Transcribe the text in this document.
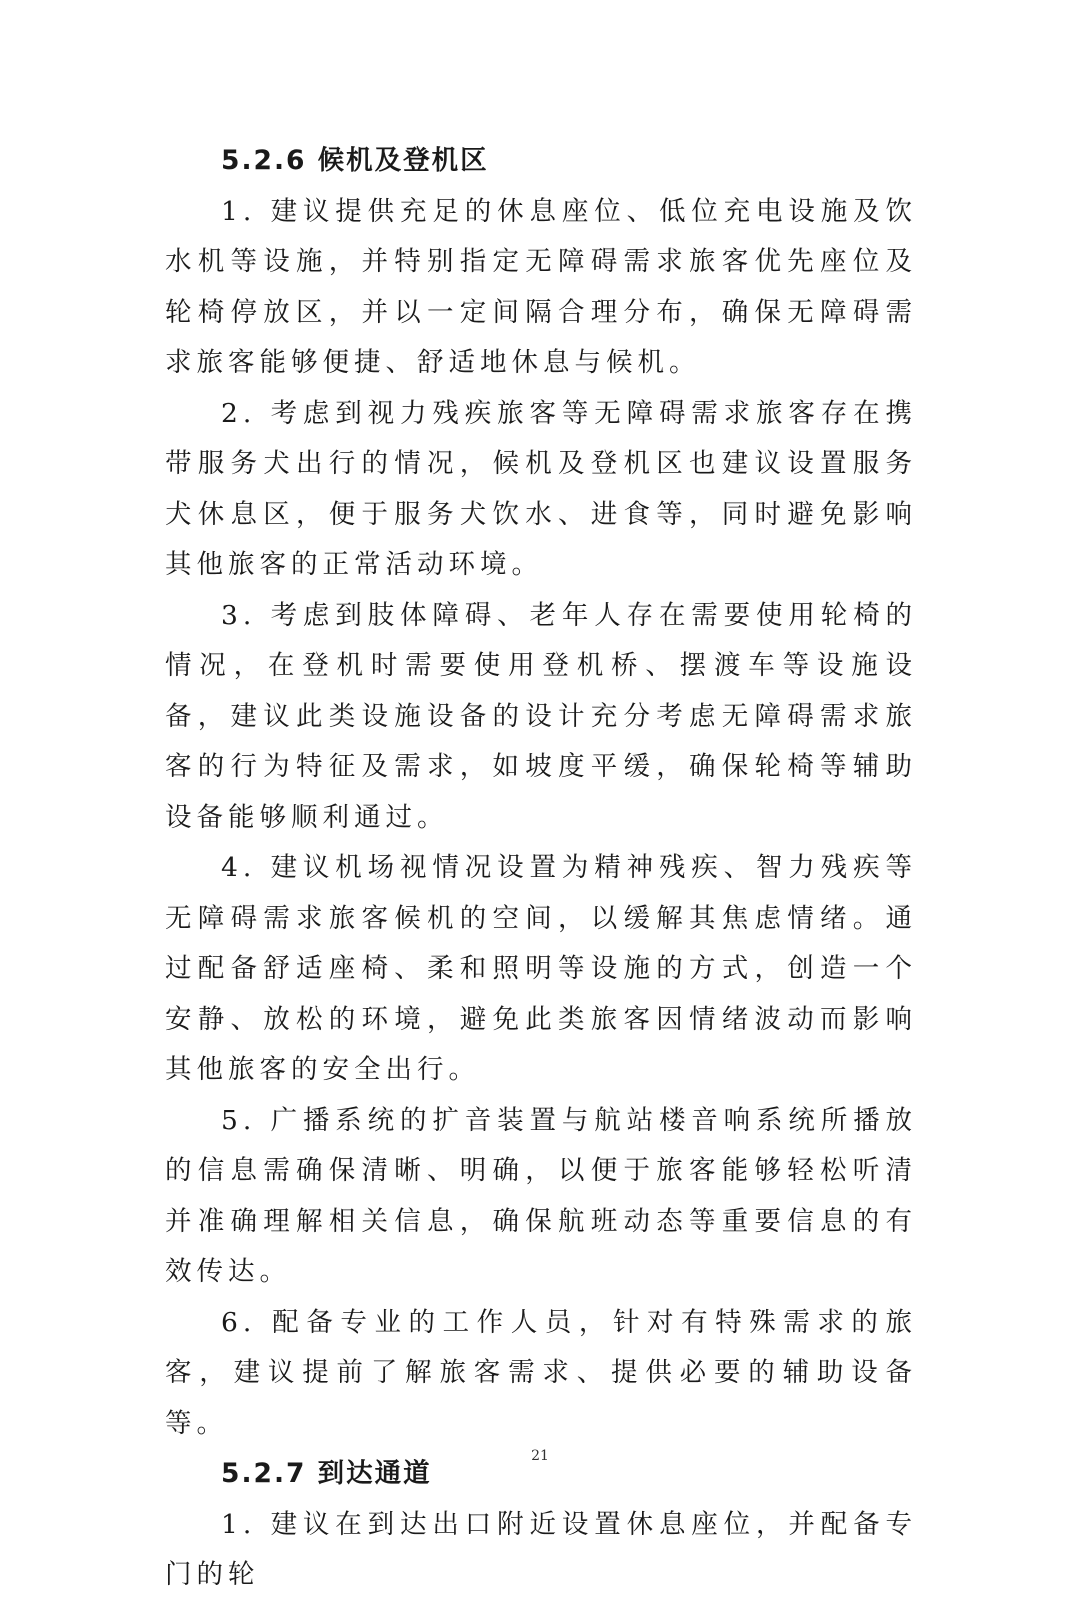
5.2.6 候机及登机区

1. 建议提供充足的休息座位、低位充电设施及饮水机等设施，并特别指定无障碍需求旅客优先座位及轮椅停放区，并以一定间隔合理分布，确保无障碍需求旅客能够便捷、舒适地休息与候机。

2. 考虑到视力残疾旅客等无障碍需求旅客存在携带服务犬出行的情况，候机及登机区也建议设置服务犬休息区，便于服务犬饮水、进食等，同时避免影响其他旅客的正常活动环境。

3. 考虑到肢体障碍、老年人存在需要使用轮椅的情况，在登机时需要使用登机桥、摆渡车等设施设备，建议此类设施设备的设计充分考虑无障碍需求旅客的行为特征及需求，如坡度平缓，确保轮椅等辅助设备能够顺利通过。

4. 建议机场视情况设置为精神残疾、智力残疾等无障碍需求旅客候机的空间，以缓解其焦虑情绪。通过配备舒适座椅、柔和照明等设施的方式，创造一个安静、放松的环境，避免此类旅客因情绪波动而影响其他旅客的安全出行。

5. 广播系统的扩音装置与航站楼音响系统所播放的信息需确保清晰、明确，以便于旅客能够轻松听清并准确理解相关信息，确保航班动态等重要信息的有效传达。

6. 配备专业的工作人员，针对有特殊需求的旅客，建议提前了解旅客需求、提供必要的辅助设备等。

5.2.7 到达通道

1. 建议在到达出口附近设置休息座位，并配备专门的轮

21
